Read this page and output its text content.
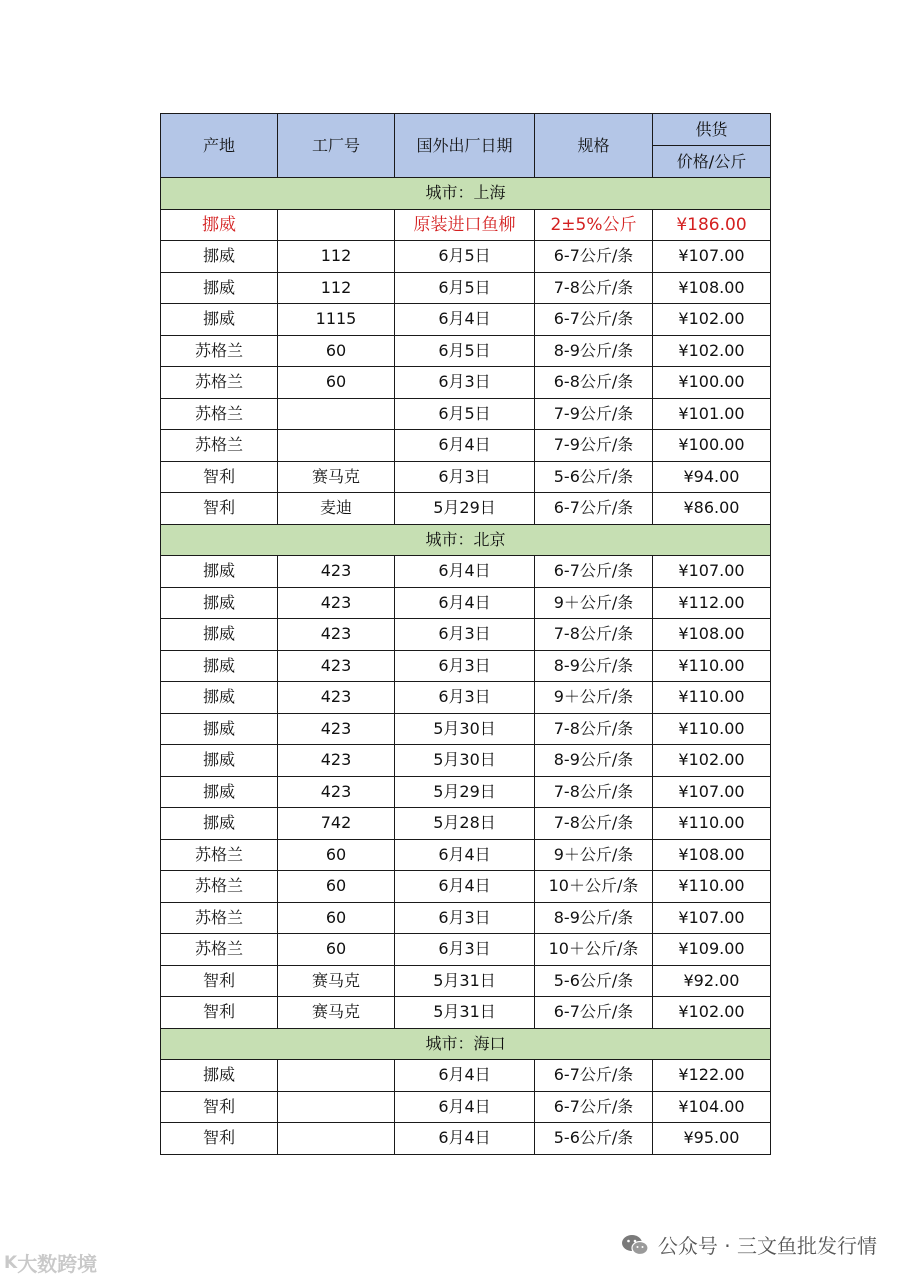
产地	工厂号	国外出厂日期	规格	供货
				价格/公斤
城市：上海				
挪威		原装进口鱼柳	2±5%公斤	¥186.00
挪威	112	6月5日	6-7公斤/条	¥107.00
挪威	112	6月5日	7-8公斤/条	¥108.00
挪威	1115	6月4日	6-7公斤/条	¥102.00
苏格兰	60	6月5日	8-9公斤/条	¥102.00
苏格兰	60	6月3日	6-8公斤/条	¥100.00
苏格兰		6月5日	7-9公斤/条	¥101.00
苏格兰		6月4日	7-9公斤/条	¥100.00
智利	赛马克	6月3日	5-6公斤/条	¥94.00
智利	麦迪	5月29日	6-7公斤/条	¥86.00
城市：北京				
挪威	423	6月4日	6-7公斤/条	¥107.00
挪威	423	6月4日	9＋公斤/条	¥112.00
挪威	423	6月3日	7-8公斤/条	¥108.00
挪威	423	6月3日	8-9公斤/条	¥110.00
挪威	423	6月3日	9＋公斤/条	¥110.00
挪威	423	5月30日	7-8公斤/条	¥110.00
挪威	423	5月30日	8-9公斤/条	¥102.00
挪威	423	5月29日	7-8公斤/条	¥107.00
挪威	742	5月28日	7-8公斤/条	¥110.00
苏格兰	60	6月4日	9＋公斤/条	¥108.00
苏格兰	60	6月4日	10＋公斤/条	¥110.00
苏格兰	60	6月3日	8-9公斤/条	¥107.00
苏格兰	60	6月3日	10＋公斤/条	¥109.00
智利	赛马克	5月31日	5-6公斤/条	¥92.00
智利	赛马克	5月31日	6-7公斤/条	¥102.00
城市：海口				
挪威		6月4日	6-7公斤/条	¥122.00
智利		6月4日	6-7公斤/条	¥104.00
智利		6月4日	5-6公斤/条	¥95.00
K 大数跨境
公众号 · 三文鱼批发行情
